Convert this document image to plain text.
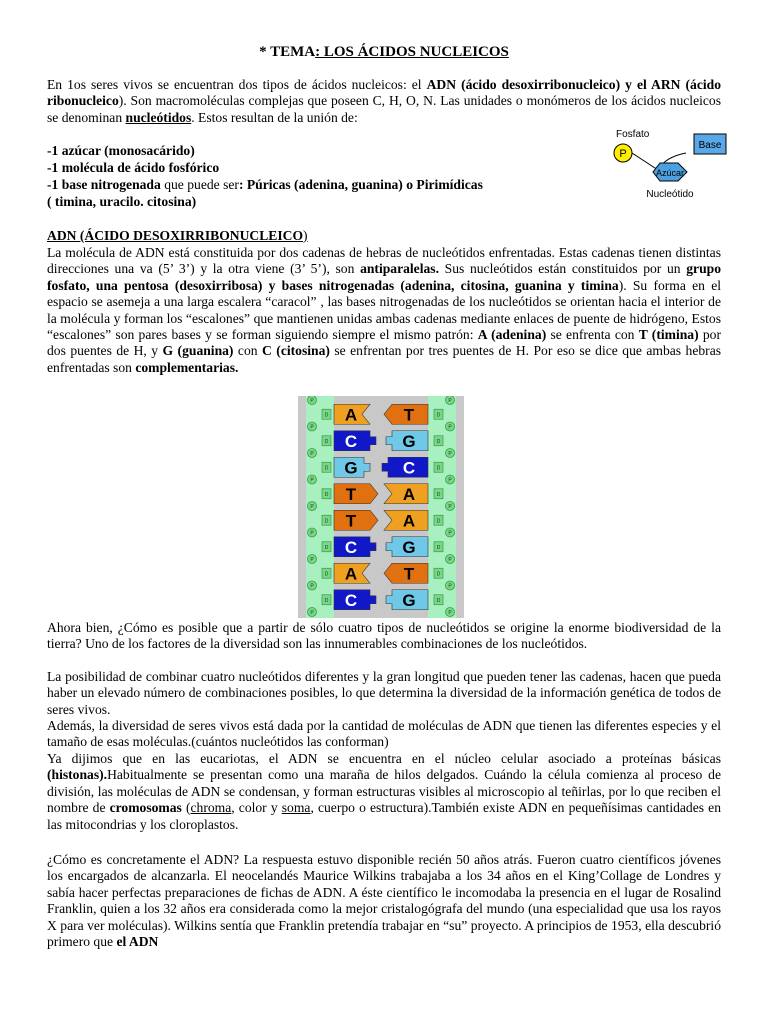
* TEMA: LOS ÁCIDOS NUCLEICOS

En 1os seres vivos se encuentran dos tipos de ácidos nucleicos: el ADN (ácido desoxirribonucleico) y el ARN (ácido ribonucleico). Son macromoléculas complejas que poseen C, H, O, N. Las unidades o monómeros de los ácidos nucleicos se denominan nucleótidos. Estos resultan de la unión de:

-1 azúcar (monosacárido)
-1 molécula de ácido fosfórico
-1 base nitrogenada que puede ser: Púricas (adenina, guanina) o Pirimídicas
( timina, uracilo. citosina)
Fosfato
P
Base
Azúcar
Nucleótido
ADN (ÁCIDO DESOXIRRIBONUCLEICO)

La molécula de ADN está constituida por dos cadenas de hebras de nucleótidos enfrentadas. Estas cadenas tienen distintas direcciones una va (5’ 3’) y la otra viene (3’ 5’), son antiparalelas. Sus nucleótidos están constituidos por un grupo fosfato, una pentosa (desoxirribosa) y bases nitrogenadas (adenina, citosina, guanina y timina). Su forma en el espacio se asemeja a una larga escalera “caracol” , las bases nitrogenadas de los nucleótidos se orientan hacia el interior de la molécula y forman los “escalones” que mantienen unidas ambas cadenas mediante enlaces de puente de hidrógeno, Estos “escalones” son pares bases y se forman siguiendo siempre el mismo patrón: A (adenina) se enfrenta con T (timina) por dos puentes de H, y G (guanina) con C (citosina) se enfrentan por tres puentes de H. Por eso se dice que ambas hebras enfrentadas son complementarias.

P	P
P	P
P	P
P	P
P	P
P	P
P	P
P	P
P	P
D	D
A	T
D	D
C	G
D	D
G	C
D	D
T	A
D	D
T	A
D	D
C	G
D	D
A	T
D	D
C	G

Ahora bien, ¿Cómo es posible que a partir de sólo cuatro tipos de nucleótidos se origine la enorme biodiversidad de la tierra? Uno de los factores de la diversidad son las innumerables combinaciones de los nucleótidos.

La posibilidad de combinar cuatro nucleótidos diferentes y la gran longitud que pueden tener las cadenas, hacen que pueda haber un elevado número de combinaciones posibles, lo que determina la diversidad de la información genética de todos de seres vivos.

Además, la diversidad de seres vivos está dada por la cantidad de moléculas de ADN que tienen las diferentes especies y el tamaño de esas moléculas.(cuántos nucleótidos las conforman)

Ya dijimos que en las eucariotas, el ADN se encuentra en el núcleo celular asociado a proteínas básicas (histonas).Habitualmente se presentan como una maraña de hilos delgados. Cuándo la célula comienza al proceso de división, las moléculas de ADN se condensan, y forman estructuras visibles al microscopio al teñirlas, por lo que reciben el nombre de cromosomas (chroma, color y soma, cuerpo o estructura).También existe ADN en pequeñísimas cantidades en las mitocondrias y los cloroplastos.

¿Cómo es concretamente el ADN? La respuesta estuvo disponible recién 50 años atrás. Fueron cuatro científicos jóvenes los encargados de alcanzarla. El neocelandés Maurice Wilkins trabajaba a los 34 años en el King’Collage de Londres y sabía hacer perfectas preparaciones de fichas de ADN. A éste científico le incomodaba la presencia en el lugar de Rosalind Franklin, quien a los 32 años era considerada como la mejor cristalogógrafa del mundo (una especialidad que usa los rayos X para ver moléculas). Wilkins sentía que Franklin pretendía trabajar en “su” proyecto. A principios de 1953, ella descubrió primero que el ADN
